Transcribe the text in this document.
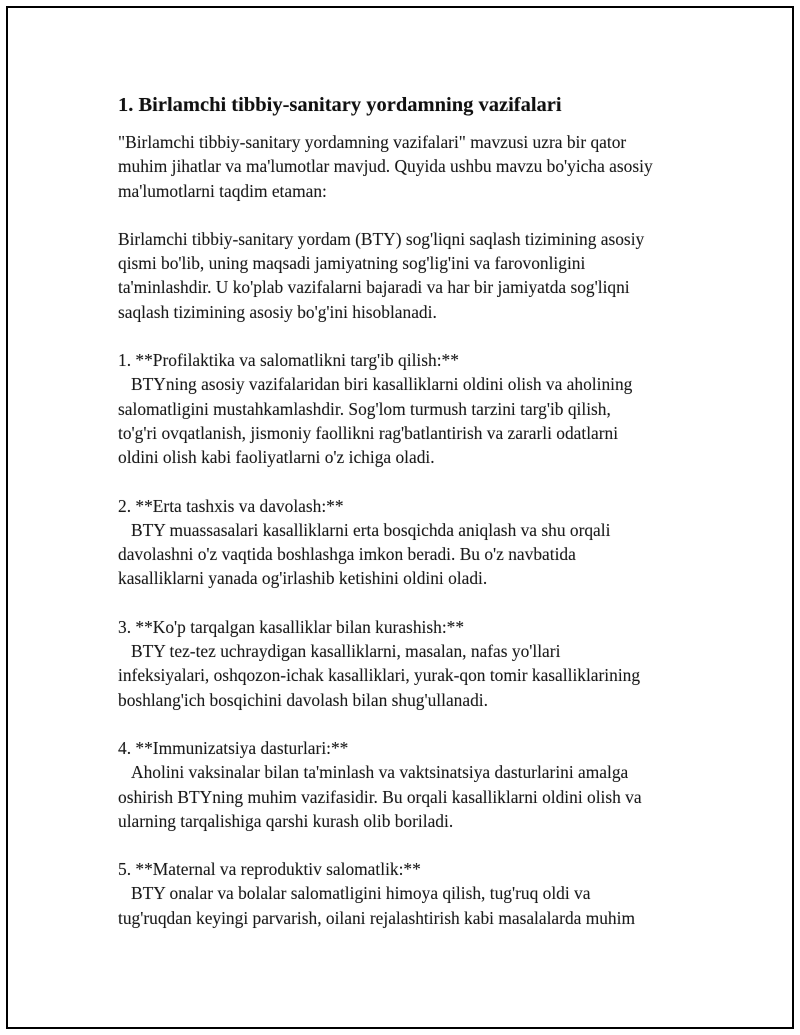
1. Birlamchi tibbiy-sanitary yordamning vazifalari

"Birlamchi tibbiy-sanitary yordamning vazifalari" mavzusi uzra bir qator
muhim jihatlar va ma'lumotlar mavjud. Quyida ushbu mavzu bo'yicha asosiy
ma'lumotlarni taqdim etaman:

Birlamchi tibbiy-sanitary yordam (BTY) sog'liqni saqlash tizimining asosiy
qismi bo'lib, uning maqsadi jamiyatning sog'lig'ini va farovonligini
ta'minlashdir. U ko'plab vazifalarni bajaradi va har bir jamiyatda sog'liqni
saqlash tizimining asosiy bo'g'ini hisoblanadi.

1. **Profilaktika va salomatlikni targ'ib qilish:**
BTYning asosiy vazifalaridan biri kasalliklarni oldini olish va aholining
salomatligini mustahkamlashdir. Sog'lom turmush tarzini targ'ib qilish,
to'g'ri ovqatlanish, jismoniy faollikni rag'batlantirish va zararli odatlarni
oldini olish kabi faoliyatlarni o'z ichiga oladi.
2. **Erta tashxis va davolash:**
BTY muassasalari kasalliklarni erta bosqichda aniqlash va shu orqali
davolashni o'z vaqtida boshlashga imkon beradi. Bu o'z navbatida
kasalliklarni yanada og'irlashib ketishini oldini oladi.
3. **Ko'p tarqalgan kasalliklar bilan kurashish:**
BTY tez-tez uchraydigan kasalliklarni, masalan, nafas yo'llari
infeksiyalari, oshqozon-ichak kasalliklari, yurak-qon tomir kasalliklarining
boshlang'ich bosqichini davolash bilan shug'ullanadi.
4. **Immunizatsiya dasturlari:**
Aholini vaksinalar bilan ta'minlash va vaktsinatsiya dasturlarini amalga
oshirish BTYning muhim vazifasidir. Bu orqali kasalliklarni oldini olish va
ularning tarqalishiga qarshi kurash olib boriladi.
5. **Maternal va reproduktiv salomatlik:**
BTY onalar va bolalar salomatligini himoya qilish, tug'ruq oldi va
tug'ruqdan keyingi parvarish, oilani rejalashtirish kabi masalalarda muhim
